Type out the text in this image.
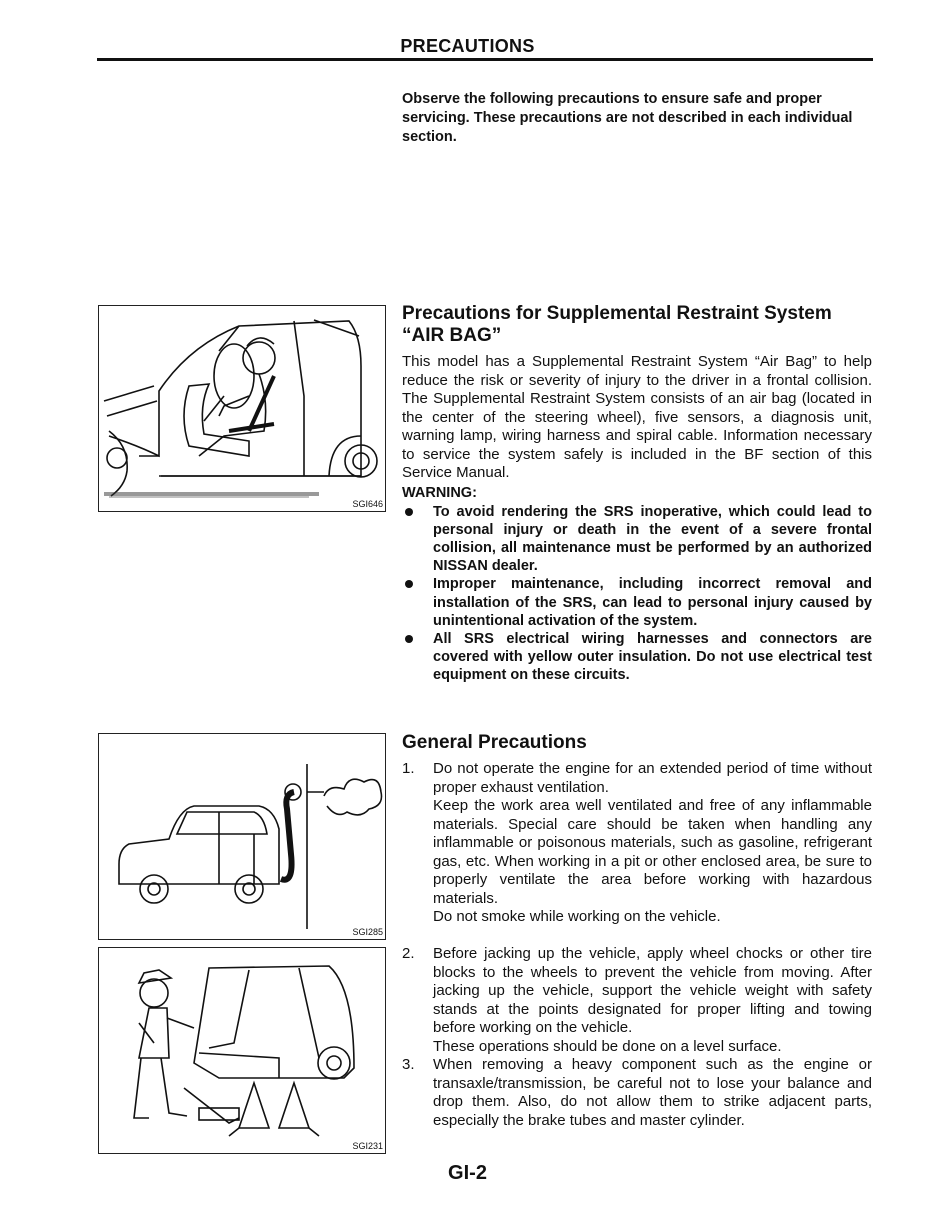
PRECAUTIONS
Observe the following precautions to ensure safe and proper servicing. These precautions are not described in each individual section.
SGI646
Precautions for Supplemental Restraint System
“AIR BAG”
This model has a Supplemental Restraint System “Air Bag” to help reduce the risk or severity of injury to the driver in a frontal collision. The Supplemental Restraint System consists of an air bag (located in the center of the steering wheel), five sensors, a diagnosis unit, warning lamp, wiring harness and spiral cable. Information necessary to service the system safely is included in the BF section of this Service Manual.
WARNING:
To avoid rendering the SRS inoperative, which could lead to personal injury or death in the event of a severe frontal collision, all maintenance must be performed by an authorized NISSAN dealer.
Improper maintenance, including incorrect removal and installation of the SRS, can lead to personal injury caused by unintentional activation of the system.
All SRS electrical wiring harnesses and connectors are covered with yellow outer insulation. Do not use electrical test equipment on these circuits.
SGI285
SGI231
General Precautions
1. Do not operate the engine for an extended period of time without proper exhaust ventilation.
Keep the work area well ventilated and free of any inflammable materials. Special care should be taken when handling any inflammable or poisonous materials, such as gasoline, refrigerant gas, etc. When working in a pit or other enclosed area, be sure to properly ventilate the area before working with hazardous materials.
Do not smoke while working on the vehicle.
2. Before jacking up the vehicle, apply wheel chocks or other tire blocks to the wheels to prevent the vehicle from moving. After jacking up the vehicle, support the vehicle weight with safety stands at the points designated for proper lifting and towing before working on the vehicle.
These operations should be done on a level surface.
3. When removing a heavy component such as the engine or transaxle/transmission, be careful not to lose your balance and drop them. Also, do not allow them to strike adjacent parts, especially the brake tubes and master cylinder.
GI-2
